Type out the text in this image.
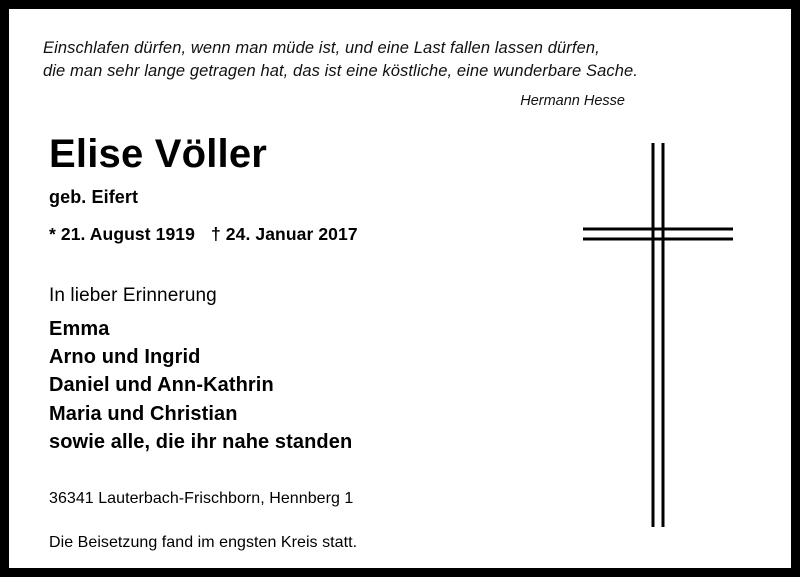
Einschlafen dürfen, wenn man müde ist, und eine Last fallen lassen dürfen,
die man sehr lange getragen hat, das ist eine köstliche, eine wunderbare Sache.
Hermann Hesse
Elise Völler
geb. Eifert
* 21. August 1919 † 24. Januar 2017
In lieber Erinnerung
Emma
Arno und Ingrid
Daniel und Ann-Kathrin
Maria und Christian
sowie alle, die ihr nahe standen
36341 Lauterbach-Frischborn, Hennberg 1
Die Beisetzung fand im engsten Kreis statt.
